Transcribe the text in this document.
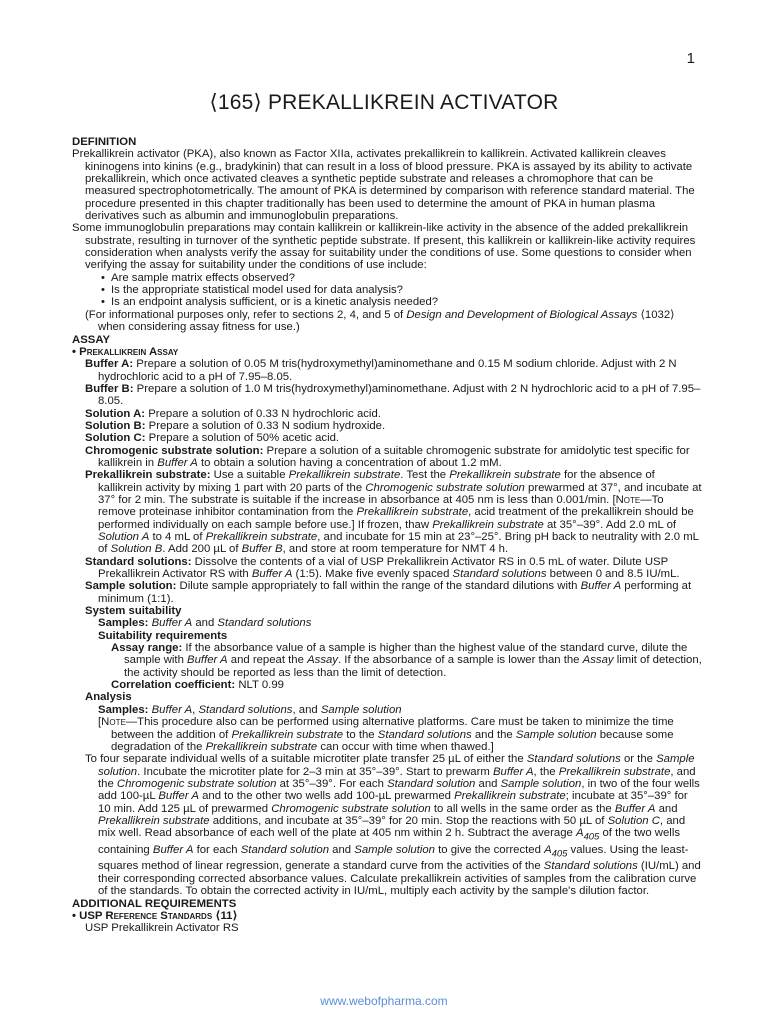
1
⟨165⟩ PREKALLIKREIN ACTIVATOR

DEFINITION

Prekallikrein activator (PKA), also known as Factor XIIa, activates prekallikrein to kallikrein. Activated kallikrein cleaves kininogens into kinins (e.g., bradykinin) that can result in a loss of blood pressure. PKA is assayed by its ability to activate prekallikrein, which once activated cleaves a synthetic peptide substrate and releases a chromophore that can be measured spectrophotometrically. The amount of PKA is determined by comparison with reference standard material. The procedure presented in this chapter traditionally has been used to determine the amount of PKA in human plasma derivatives such as albumin and immunoglobulin preparations.

Some immunoglobulin preparations may contain kallikrein or kallikrein-like activity in the absence of the added prekallikrein substrate, resulting in turnover of the synthetic peptide substrate. If present, this kallikrein or kallikrein-like activity requires consideration when analysts verify the assay for suitability under the conditions of use. Some questions to consider when verifying the assay for suitability under the conditions of use include:

• Are sample matrix effects observed?

• Is the appropriate statistical model used for data analysis?

• Is an endpoint analysis sufficient, or is a kinetic analysis needed?

(For informational purposes only, refer to sections 2, 4, and 5 of Design and Development of Biological Assays ⟨1032⟩ when considering assay fitness for use.)

ASSAY

• Prekallikrein Assay

Buffer A: Prepare a solution of 0.05 M tris(hydroxymethyl)aminomethane and 0.15 M sodium chloride. Adjust with 2 N hydrochloric acid to a pH of 7.95–8.05.

Buffer B: Prepare a solution of 1.0 M tris(hydroxymethyl)aminomethane. Adjust with 2 N hydrochloric acid to a pH of 7.95–8.05.

Solution A: Prepare a solution of 0.33 N hydrochloric acid.

Solution B: Prepare a solution of 0.33 N sodium hydroxide.

Solution C: Prepare a solution of 50% acetic acid.

Chromogenic substrate solution: Prepare a solution of a suitable chromogenic substrate for amidolytic test specific for kallikrein in Buffer A to obtain a solution having a concentration of about 1.2 mM.

Prekallikrein substrate: Use a suitable Prekallikrein substrate. Test the Prekallikrein substrate for the absence of kallikrein activity by mixing 1 part with 20 parts of the Chromogenic substrate solution prewarmed at 37°, and incubate at 37° for 2 min. The substrate is suitable if the increase in absorbance at 405 nm is less than 0.001/min. [Note—To remove proteinase inhibitor contamination from the Prekallikrein substrate, acid treatment of the prekallikrein should be performed individually on each sample before use.] If frozen, thaw Prekallikrein substrate at 35°–39°. Add 2.0 mL of Solution A to 4 mL of Prekallikrein substrate, and incubate for 15 min at 23°–25°. Bring pH back to neutrality with 2.0 mL of Solution B. Add 200 µL of Buffer B, and store at room temperature for NMT 4 h.

Standard solutions: Dissolve the contents of a vial of USP Prekallikrein Activator RS in 0.5 mL of water. Dilute USP Prekallikrein Activator RS with Buffer A (1:5). Make five evenly spaced Standard solutions between 0 and 8.5 IU/mL.

Sample solution: Dilute sample appropriately to fall within the range of the standard dilutions with Buffer A performing at minimum (1:1).

System suitability

Samples: Buffer A and Standard solutions

Suitability requirements

Assay range: If the absorbance value of a sample is higher than the highest value of the standard curve, dilute the sample with Buffer A and repeat the Assay. If the absorbance of a sample is lower than the Assay limit of detection, the activity should be reported as less than the limit of detection.

Correlation coefficient: NLT 0.99

Analysis

Samples: Buffer A, Standard solutions, and Sample solution

[Note—This procedure also can be performed using alternative platforms. Care must be taken to minimize the time between the addition of Prekallikrein substrate to the Standard solutions and the Sample solution because some degradation of the Prekallikrein substrate can occur with time when thawed.]

To four separate individual wells of a suitable microtiter plate transfer 25 µL of either the Standard solutions or the Sample solution. Incubate the microtiter plate for 2–3 min at 35°–39°. Start to prewarm Buffer A, the Prekallikrein substrate, and the Chromogenic substrate solution at 35°–39°. For each Standard solution and Sample solution, in two of the four wells add 100-µL Buffer A and to the other two wells add 100-µL prewarmed Prekallikrein substrate; incubate at 35°–39° for 10 min. Add 125 µL of prewarmed Chromogenic substrate solution to all wells in the same order as the Buffer A and Prekallikrein substrate additions, and incubate at 35°–39° for 20 min. Stop the reactions with 50 µL of Solution C, and mix well. Read absorbance of each well of the plate at 405 nm within 2 h. Subtract the average $A_{405}$ of the two wells containing Buffer A for each Standard solution and Sample solution to give the corrected $A_{405}$ values. Using the least-squares method of linear regression, generate a standard curve from the activities of the Standard solutions (IU/mL) and their corresponding corrected absorbance values. Calculate prekallikrein activities of samples from the calibration curve of the standards. To obtain the corrected activity in IU/mL, multiply each activity by the sample's dilution factor.

ADDITIONAL REQUIREMENTS

• USP Reference Standards ⟨11⟩

USP Prekallikrein Activator RS

www.webofpharma.com
